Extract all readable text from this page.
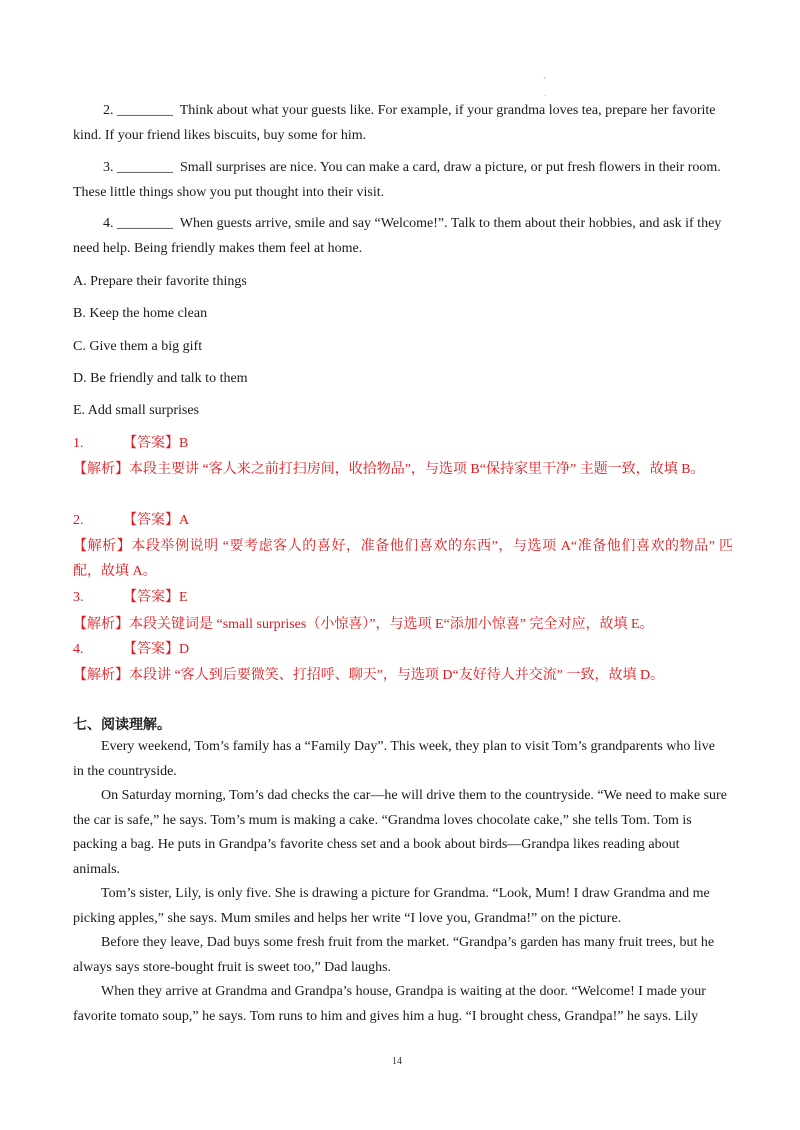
`
·
2. ________ Think about what your guests like. For example, if your grandma loves tea, prepare her favorite kind. If your friend likes biscuits, buy some for him.
3. ________ Small surprises are nice. You can make a card, draw a picture, or put fresh flowers in their room. These little things show you put thought into their visit.
4. ________ When guests arrive, smile and say “Welcome!”. Talk to them about their hobbies, and ask if they need help. Being friendly makes them feel at home.
A. Prepare their favorite things
B. Keep the home clean
C. Give them a big gift
D. Be friendly and talk to them
E. Add small surprises
1.	【答案】B
【解析】本段主要讲 “客人来之前打扫房间，收拾物品”，与选项 B“保持家里干净” 主题一致，故填 B。
2.	【答案】A
【解析】本段举例说明 “要考虑客人的喜好，准备他们喜欢的东西”，与选项 A“准备他们喜欢的物品” 匹配，故填 A。
3.	【答案】E
【解析】本段关键词是 “small surprises（小惊喜）”，与选项 E“添加小惊喜” 完全对应，故填 E。
4.	【答案】D
【解析】本段讲 “客人到后要微笑、打招呼、聊天”，与选项 D“友好待人并交流” 一致，故填 D。
七、阅读理解。
Every weekend, Tom’s family has a “Family Day”. This week, they plan to visit Tom’s grandparents who live in the countryside.
On Saturday morning, Tom’s dad checks the car—he will drive them to the countryside. “We need to make sure the car is safe,” he says. Tom’s mum is making a cake. “Grandma loves chocolate cake,” she tells Tom. Tom is packing a bag. He puts in Grandpa’s favorite chess set and a book about birds—Grandpa likes reading about animals.
Tom’s sister, Lily, is only five. She is drawing a picture for Grandma. “Look, Mum! I draw Grandma and me picking apples,” she says. Mum smiles and helps her write “I love you, Grandma!” on the picture.
Before they leave, Dad buys some fresh fruit from the market. “Grandpa’s garden has many fruit trees, but he always says store-bought fruit is sweet too,” Dad laughs.
When they arrive at Grandma and Grandpa’s house, Grandpa is waiting at the door. “Welcome! I made your favorite tomato soup,” he says. Tom runs to him and gives him a hug. “I brought chess, Grandpa!” he says. Lily
14
